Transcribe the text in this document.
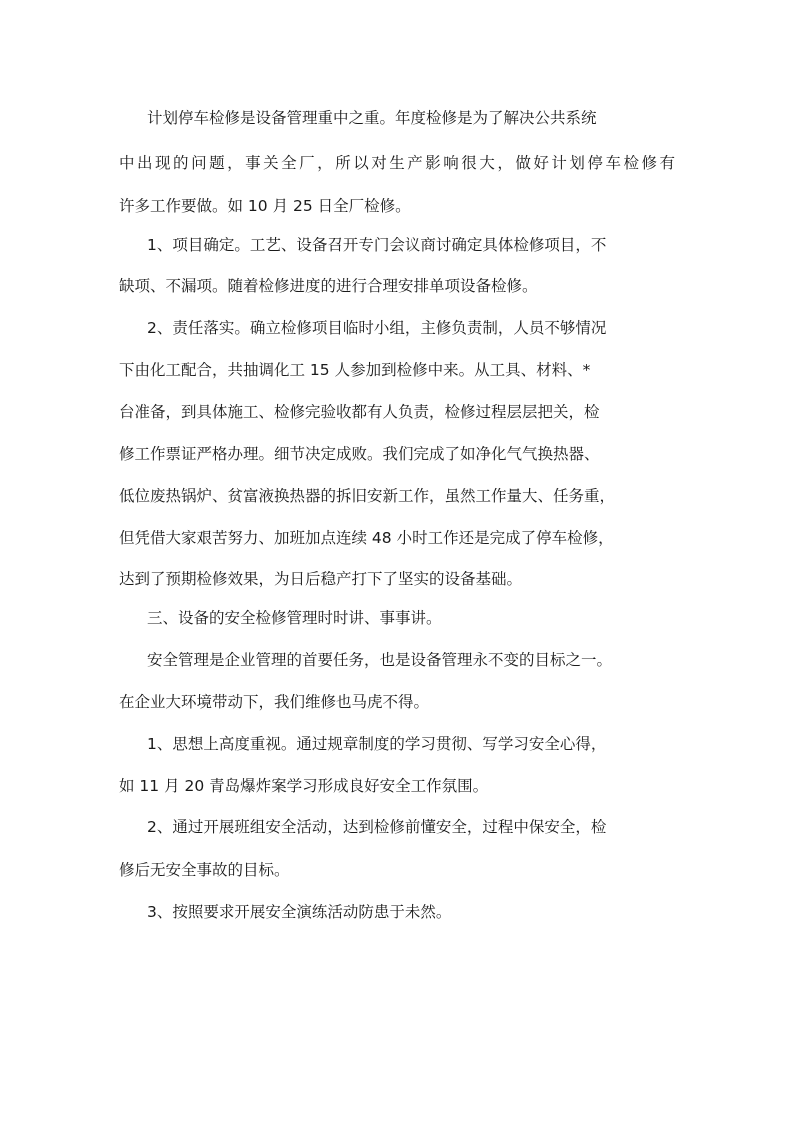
计划停车检修是设备管理重中之重。年度检修是为了解决公共系统
中出现的问题，事关全厂，所以对生产影响很大，做好计划停车检修有
许多工作要做。如 10 月 25 日全厂检修。
1、项目确定。工艺、设备召开专门会议商讨确定具体检修项目，不
缺项、不漏项。随着检修进度的进行合理安排单项设备检修。
2、责任落实。确立检修项目临时小组，主修负责制，人员不够情况
下由化工配合，共抽调化工 15 人参加到检修中来。从工具、材料、*
台准备，到具体施工、检修完验收都有人负责，检修过程层层把关，检
修工作票证严格办理。细节决定成败。我们完成了如净化气气换热器、
低位废热锅炉、贫富液换热器的拆旧安新工作，虽然工作量大、任务重，
但凭借大家艰苦努力、加班加点连续 48 小时工作还是完成了停车检修，
达到了预期检修效果，为日后稳产打下了坚实的设备基础。
三、设备的安全检修管理时时讲、事事讲。
安全管理是企业管理的首要任务，也是设备管理永不变的目标之一。
在企业大环境带动下，我们维修也马虎不得。
1、思想上高度重视。通过规章制度的学习贯彻、写学习安全心得，
如 11 月 20 青岛爆炸案学习形成良好安全工作氛围。
2、通过开展班组安全活动，达到检修前懂安全，过程中保安全，检
修后无安全事故的目标。
3、按照要求开展安全演练活动防患于未然。
